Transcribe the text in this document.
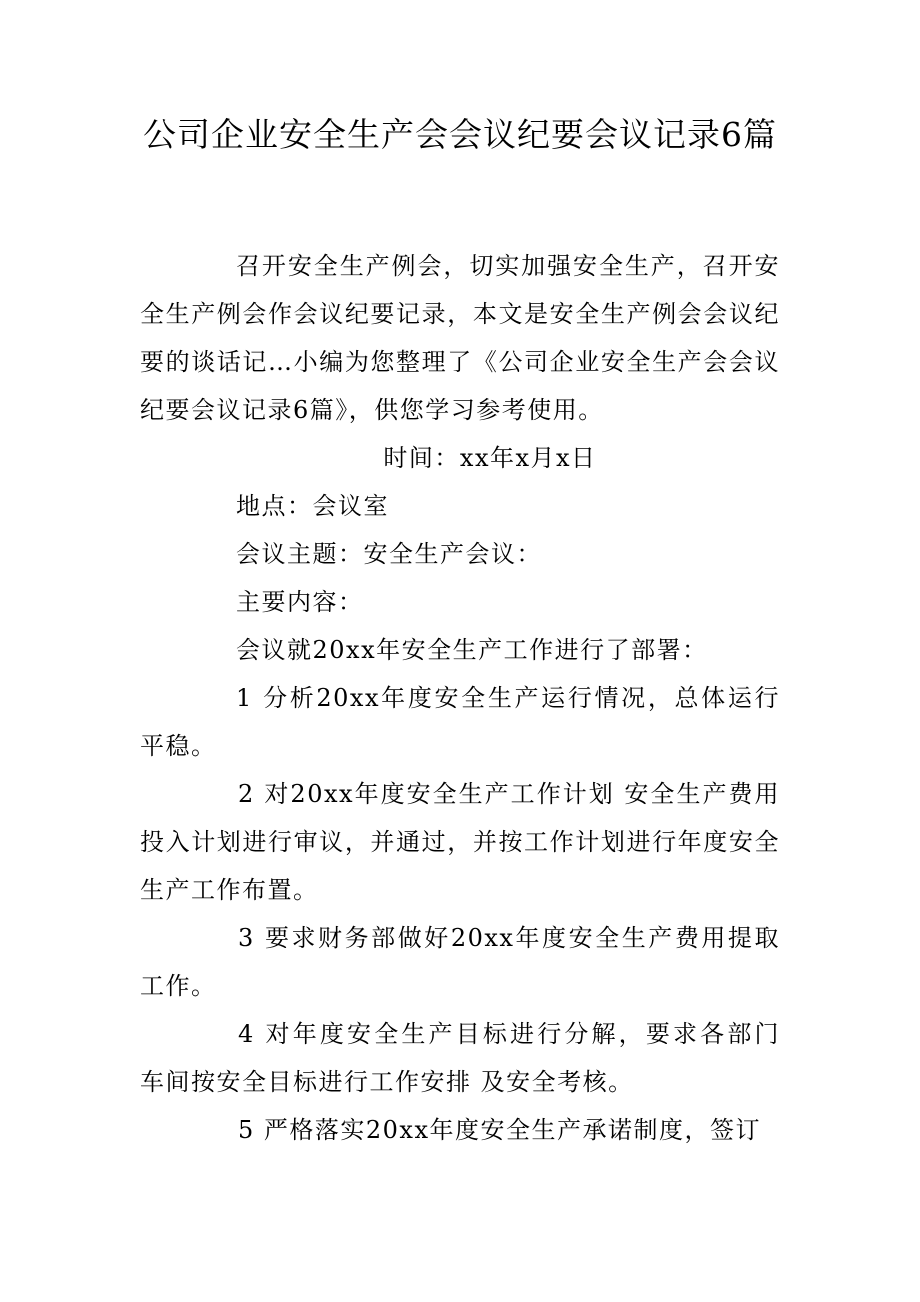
公司企业安全生产会会议纪要会议记录6篇

召开安全生产例会，切实加强安全生产，召开安全生产例会作会议纪要记录，本文是安全生产例会会议纪要的谈话记…小编为您整理了《公司企业安全生产会会议纪要会议记录6篇》，供您学习参考使用。

时间：xx年x月x日

地点：会议室

会议主题：安全生产会议：

主要内容：

会议就20xx年安全生产工作进行了部署：

1 分析20xx年度安全生产运行情况，总体运行平稳。

2 对20xx年度安全生产工作计划 安全生产费用投入计划进行审议，并通过，并按工作计划进行年度安全生产工作布置。

3 要求财务部做好20xx年度安全生产费用提取工作。

4 对年度安全生产目标进行分解，要求各部门 车间按安全目标进行工作安排 及安全考核。

5 严格落实20xx年度安全生产承诺制度，签订
